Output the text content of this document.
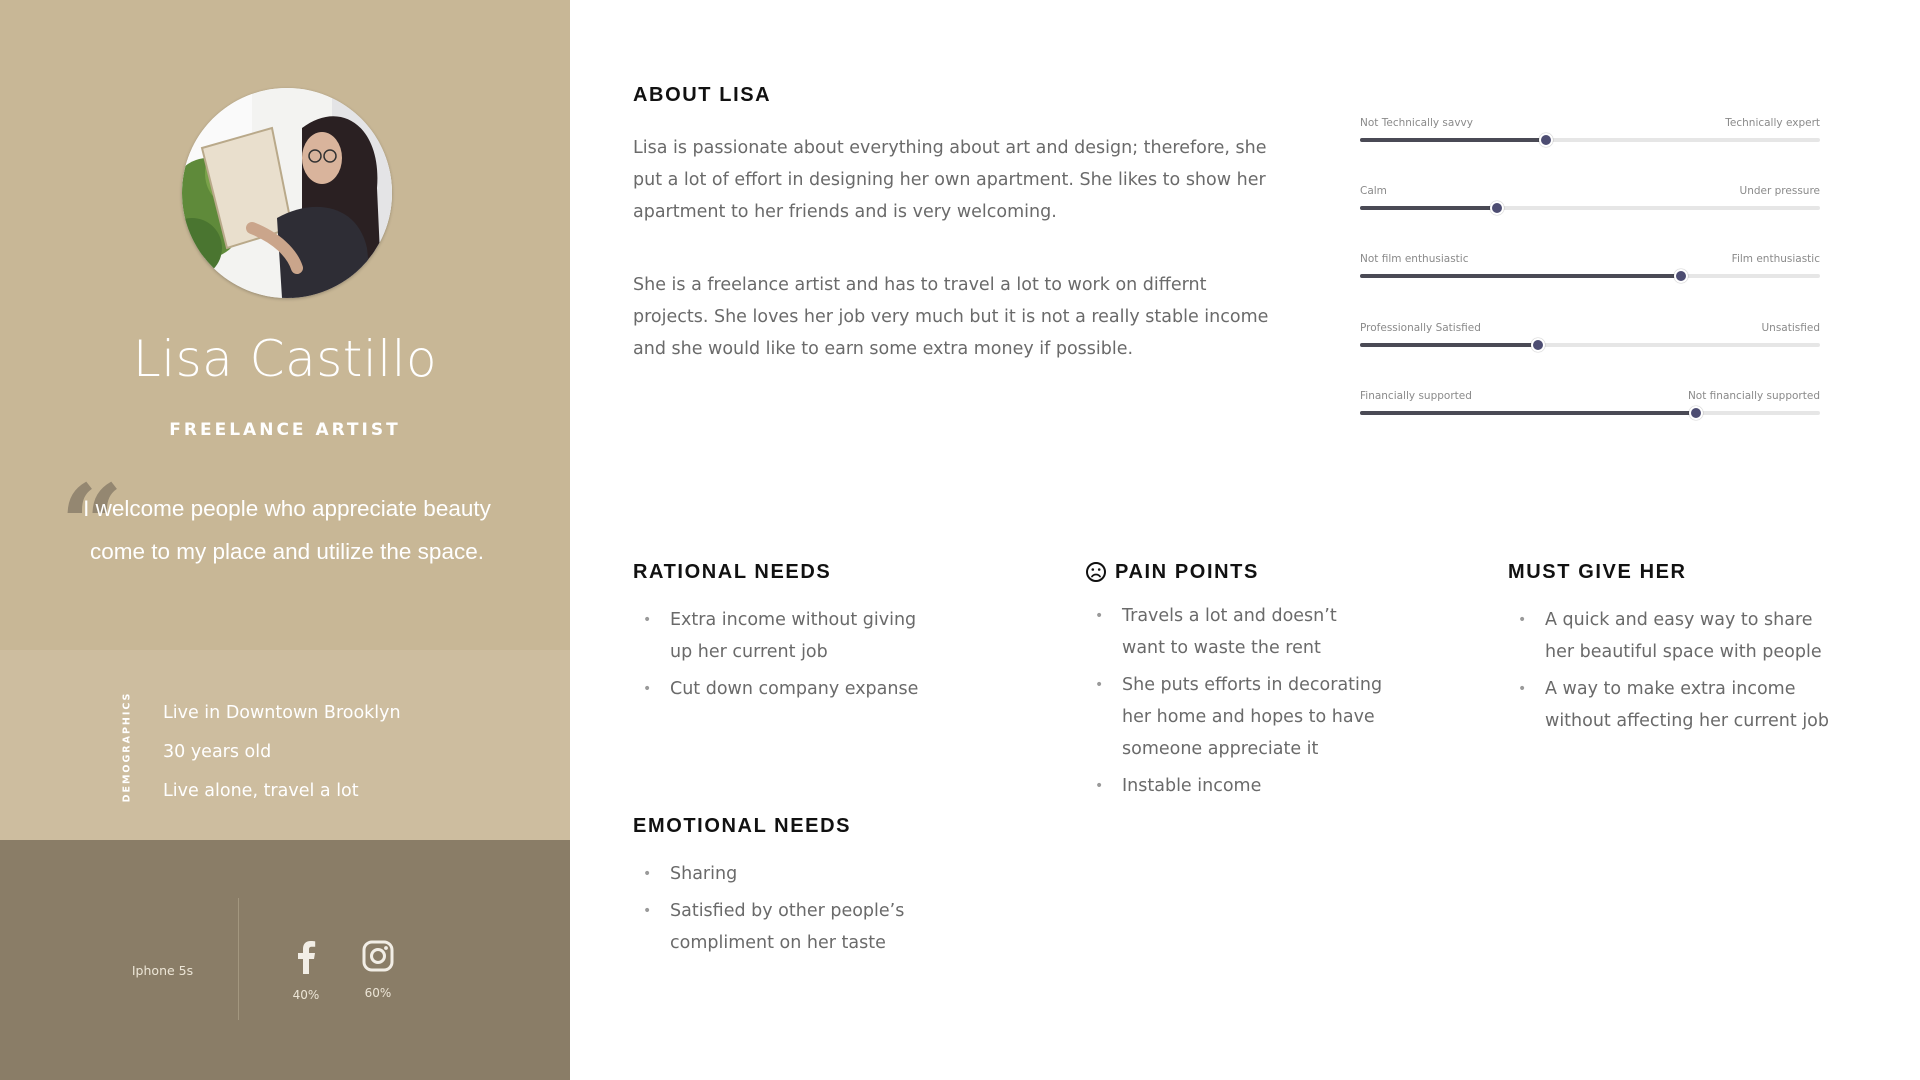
Lisa Castillo
FREELANCE ARTIST
“
I welcome people who appreciate beauty come to my place and utilize the space.
DEMOGRAPHICS Live in Downtown Brooklyn
30 years old
Live alone, travel a lot
Iphone 5s
40%	60%
ABOUT LISA
Lisa is passionate about everything about art and design; therefore, she put a lot of effort in designing her own apartment. She likes to show her apartment to her friends and is very welcoming.
She is a freelance artist and has to travel a lot to work on differnt projects. She loves her job very much but it is not a really stable income and she would like to earn some extra money if possible.
Not Technically savvy	Technically expert
Calm	Under pressure
Not film enthusiastic	Film enthusiastic
Professionally Satisfied	Unsatisfied
Financially supported	Not financially supported
RATIONAL NEEDS
• Extra income without giving up her current job
• Cut down company expanse
EMOTIONAL NEEDS
• Sharing
• Satisfied by other people’s compliment on her taste
PAIN POINTS
• Travels a lot and doesn’t want to waste the rent
• She puts efforts in decorating her home and hopes to have someone appreciate it
• Instable income
MUST GIVE HER
• A quick and easy way to share her beautiful space with people
• A way to make extra income without affecting her current job
